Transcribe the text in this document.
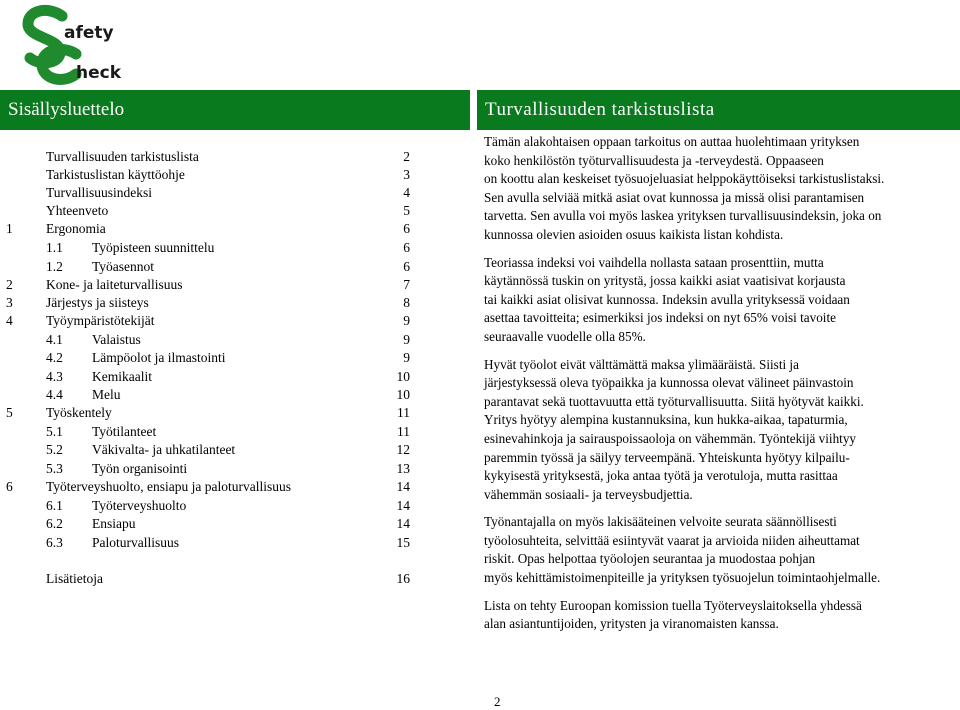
afety
heck
Sisällysluettelo	Turvallisuuden tarkistuslista
Turvallisuuden tarkistuslista	2
Tarkistuslistan käyttöohje	3
Turvallisuusindeksi	4
Yhteenveto	5
1 Ergonomia	6
1.1 Työpisteen suunnittelu	6
1.2 Työasennot	6
2 Kone- ja laiteturvallisuus	7
3 Järjestys ja siisteys	8
4 Työympäristötekijät	9
4.1 Valaistus	9
4.2 Lämpöolot ja ilmastointi	9
4.3 Kemikaalit	10
4.4 Melu	10
5 Työskentely	11
5.1 Työtilanteet	11
5.2 Väkivalta- ja uhkatilanteet	12
5.3 Työn organisointi	13
6 Työterveyshuolto, ensiapu ja paloturvallisuus	14
6.1 Työterveyshuolto	14
6.2 Ensiapu	14
6.3 Paloturvallisuus	15
Lisätietoja	16

Tämän alakohtaisen oppaan tarkoitus on auttaa huolehtimaan yrityksen
koko henkilöstön työturvallisuudesta ja -terveydestä. Oppaaseen
on koottu alan keskeiset työsuojeluasiat helppokäyttöiseksi tarkistuslistaksi.
Sen avulla selviää mitkä asiat ovat kunnossa ja missä olisi parantamisen
tarvetta. Sen avulla voi myös laskea yrityksen turvallisuusindeksin, joka on
kunnossa olevien asioiden osuus kaikista listan kohdista.

Teoriassa indeksi voi vaihdella nollasta sataan prosenttiin, mutta
käytännössä tuskin on yritystä, jossa kaikki asiat vaatisivat korjausta
tai kaikki asiat olisivat kunnossa. Indeksin avulla yrityksessä voidaan
asettaa tavoitteita; esimerkiksi jos indeksi on nyt 65% voisi tavoite
seuraavalle vuodelle olla 85%.

Hyvät työolot eivät välttämättä maksa ylimääräistä. Siisti ja
järjestyksessä oleva työpaikka ja kunnossa olevat välineet päinvastoin
parantavat sekä tuottavuutta että työturvallisuutta. Siitä hyötyvät kaikki.
Yritys hyötyy alempina kustannuksina, kun hukka-aikaa, tapaturmia,
esinevahinkoja ja sairauspoissaoloja on vähemmän. Työntekijä viihtyy
paremmin työssä ja säilyy terveempänä. Yhteiskunta hyötyy kilpailu-
kykyisestä yrityksestä, joka antaa työtä ja verotuloja, mutta rasittaa
vähemmän sosiaali- ja terveysbudjettia.

Työnantajalla on myös lakisääteinen velvoite seurata säännöllisesti
työolosuhteita, selvittää esiintyvät vaarat ja arvioida niiden aiheuttamat
riskit. Opas helpottaa työolojen seurantaa ja muodostaa pohjan
myös kehittämistoimenpiteille ja yrityksen työsuojelun toimintaohjelmalle.

Lista on tehty Euroopan komission tuella Työterveyslaitoksella yhdessä
alan asiantuntijoiden, yritysten ja viranomaisten kanssa.

2
